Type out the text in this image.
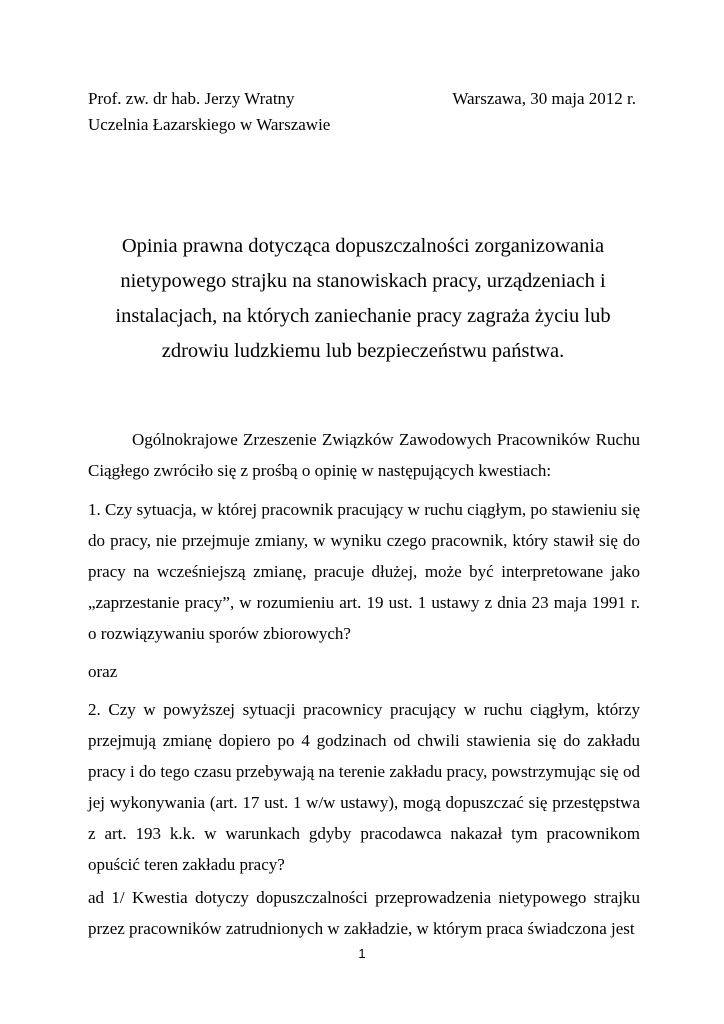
Prof. zw. dr hab. Jerzy Wratny	Warszawa, 30 maja 2012 r.
Uczelnia Łazarskiego w Warszawie
Opinia prawna dotycząca dopuszczalności zorganizowania nietypowego strajku na stanowiskach pracy, urządzeniach i instalacjach, na których zaniechanie pracy zagraża życiu lub zdrowiu ludzkiemu lub bezpieczeństwu państwa.
Ogólnokrajowe Zrzeszenie Związków Zawodowych Pracowników Ruchu Ciągłego zwróciło się z prośbą o opinię w następujących kwestiach:
1. Czy sytuacja, w której pracownik pracujący w ruchu ciągłym, po stawieniu się do pracy, nie przejmuje zmiany, w wyniku czego pracownik, który stawił się do pracy na wcześniejszą zmianę, pracuje dłużej, może być interpretowane jako „zaprzestanie pracy”, w rozumieniu art. 19 ust. 1 ustawy z dnia 23 maja 1991 r. o rozwiązywaniu sporów zbiorowych?
oraz
2. Czy w powyższej sytuacji pracownicy pracujący w ruchu ciągłym, którzy przejmują zmianę dopiero po 4 godzinach od chwili stawienia się do zakładu pracy i do tego czasu przebywają na terenie zakładu pracy, powstrzymując się od jej wykonywania (art. 17 ust. 1 w/w ustawy), mogą dopuszczać się przestępstwa z art. 193 k.k. w warunkach gdyby pracodawca nakazał tym pracownikom opuścić teren zakładu pracy?
ad 1/ Kwestia dotyczy dopuszczalności przeprowadzenia nietypowego strajku przez pracowników zatrudnionych w zakładzie, w którym praca świadczona jest
1
